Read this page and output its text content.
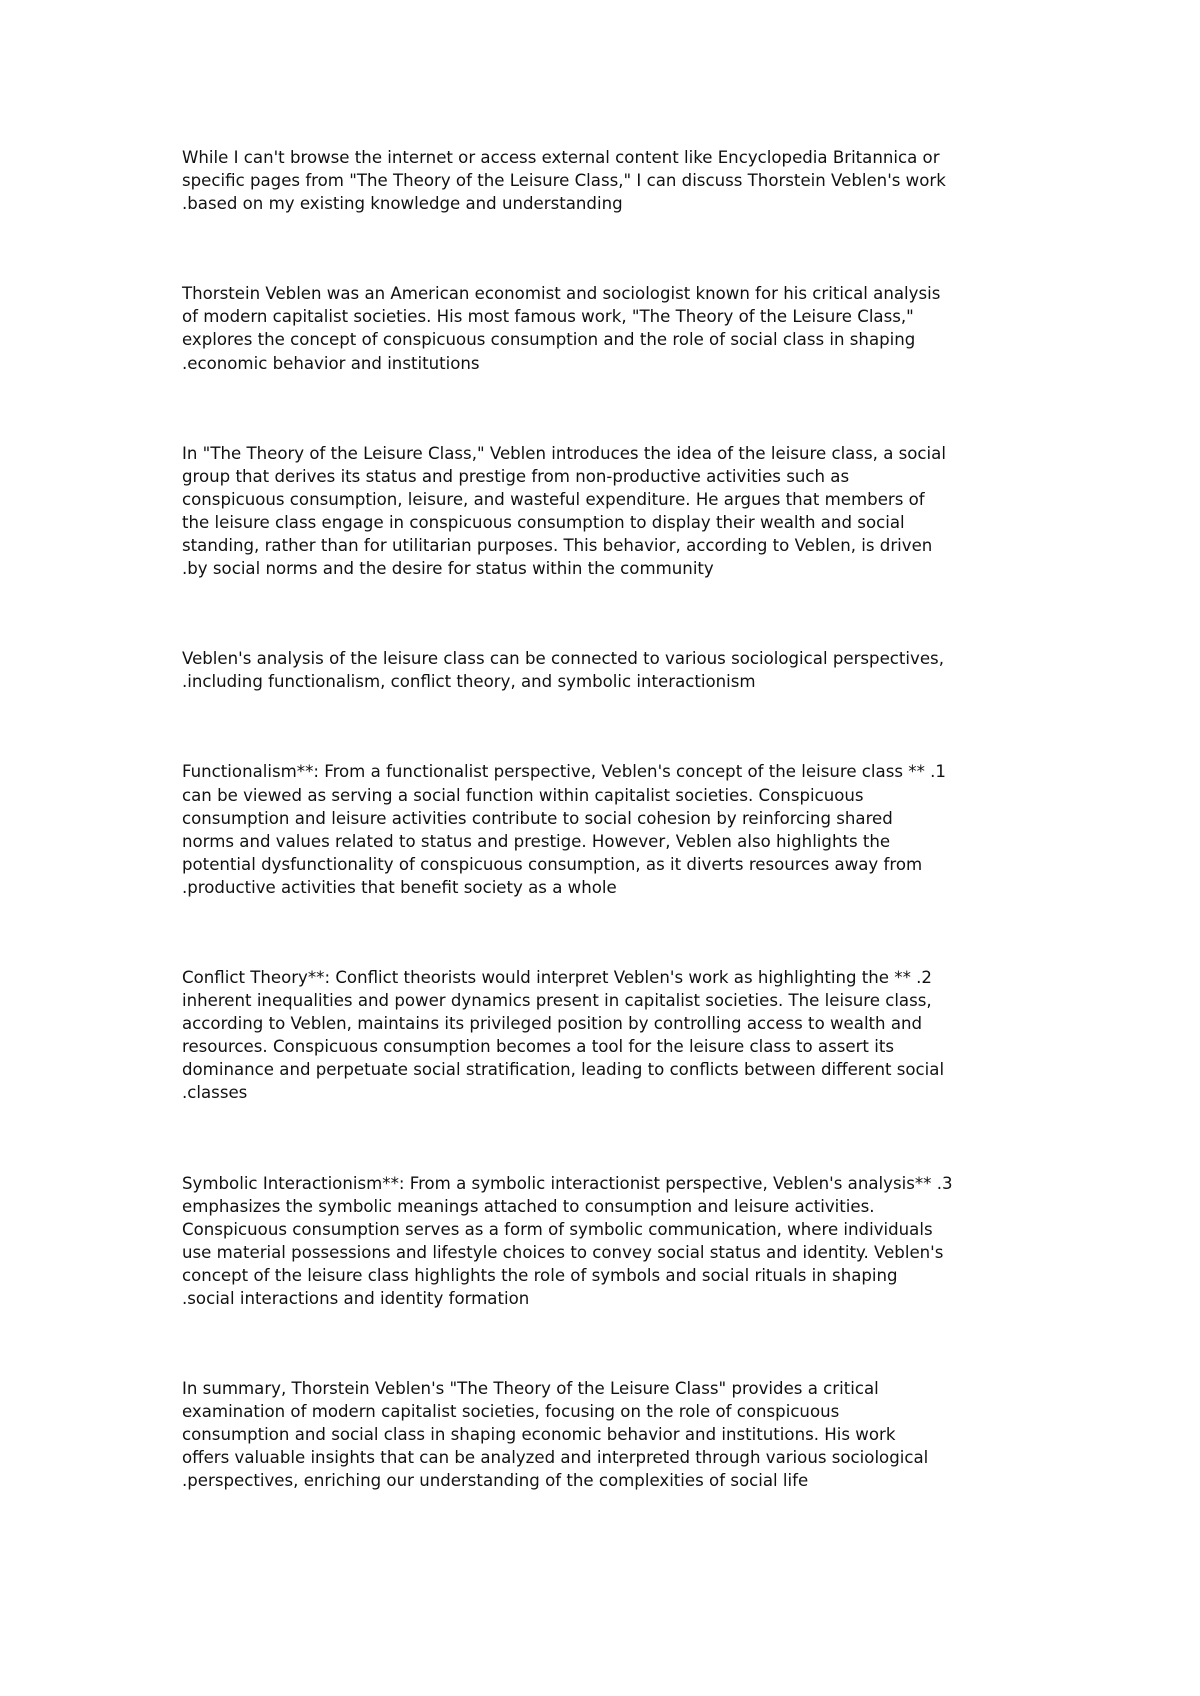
While I can't browse the internet or access external content like Encyclopedia Britannica or
specific pages from "The Theory of the Leisure Class," I can discuss Thorstein Veblen's work
.based on my existing knowledge and understanding

Thorstein Veblen was an American economist and sociologist known for his critical analysis
of modern capitalist societies. His most famous work, "The Theory of the Leisure Class,"
explores the concept of conspicuous consumption and the role of social class in shaping
.economic behavior and institutions

In "The Theory of the Leisure Class," Veblen introduces the idea of the leisure class, a social
group that derives its status and prestige from non-productive activities such as
conspicuous consumption, leisure, and wasteful expenditure. He argues that members of
the leisure class engage in conspicuous consumption to display their wealth and social
standing, rather than for utilitarian purposes. This behavior, according to Veblen, is driven
.by social norms and the desire for status within the community

Veblen's analysis of the leisure class can be connected to various sociological perspectives,
.including functionalism, conflict theory, and symbolic interactionism

Functionalism**: From a functionalist perspective, Veblen's concept of the leisure class ** .1
can be viewed as serving a social function within capitalist societies. Conspicuous
consumption and leisure activities contribute to social cohesion by reinforcing shared
norms and values related to status and prestige. However, Veblen also highlights the
potential dysfunctionality of conspicuous consumption, as it diverts resources away from
.productive activities that benefit society as a whole

Conflict Theory**: Conflict theorists would interpret Veblen's work as highlighting the ** .2
inherent inequalities and power dynamics present in capitalist societies. The leisure class,
according to Veblen, maintains its privileged position by controlling access to wealth and
resources. Conspicuous consumption becomes a tool for the leisure class to assert its
dominance and perpetuate social stratification, leading to conflicts between different social
.classes

Symbolic Interactionism**: From a symbolic interactionist perspective, Veblen's analysis** .3
emphasizes the symbolic meanings attached to consumption and leisure activities.
Conspicuous consumption serves as a form of symbolic communication, where individuals
use material possessions and lifestyle choices to convey social status and identity. Veblen's
concept of the leisure class highlights the role of symbols and social rituals in shaping
.social interactions and identity formation

In summary, Thorstein Veblen's "The Theory of the Leisure Class" provides a critical
examination of modern capitalist societies, focusing on the role of conspicuous
consumption and social class in shaping economic behavior and institutions. His work
offers valuable insights that can be analyzed and interpreted through various sociological
.perspectives, enriching our understanding of the complexities of social life
